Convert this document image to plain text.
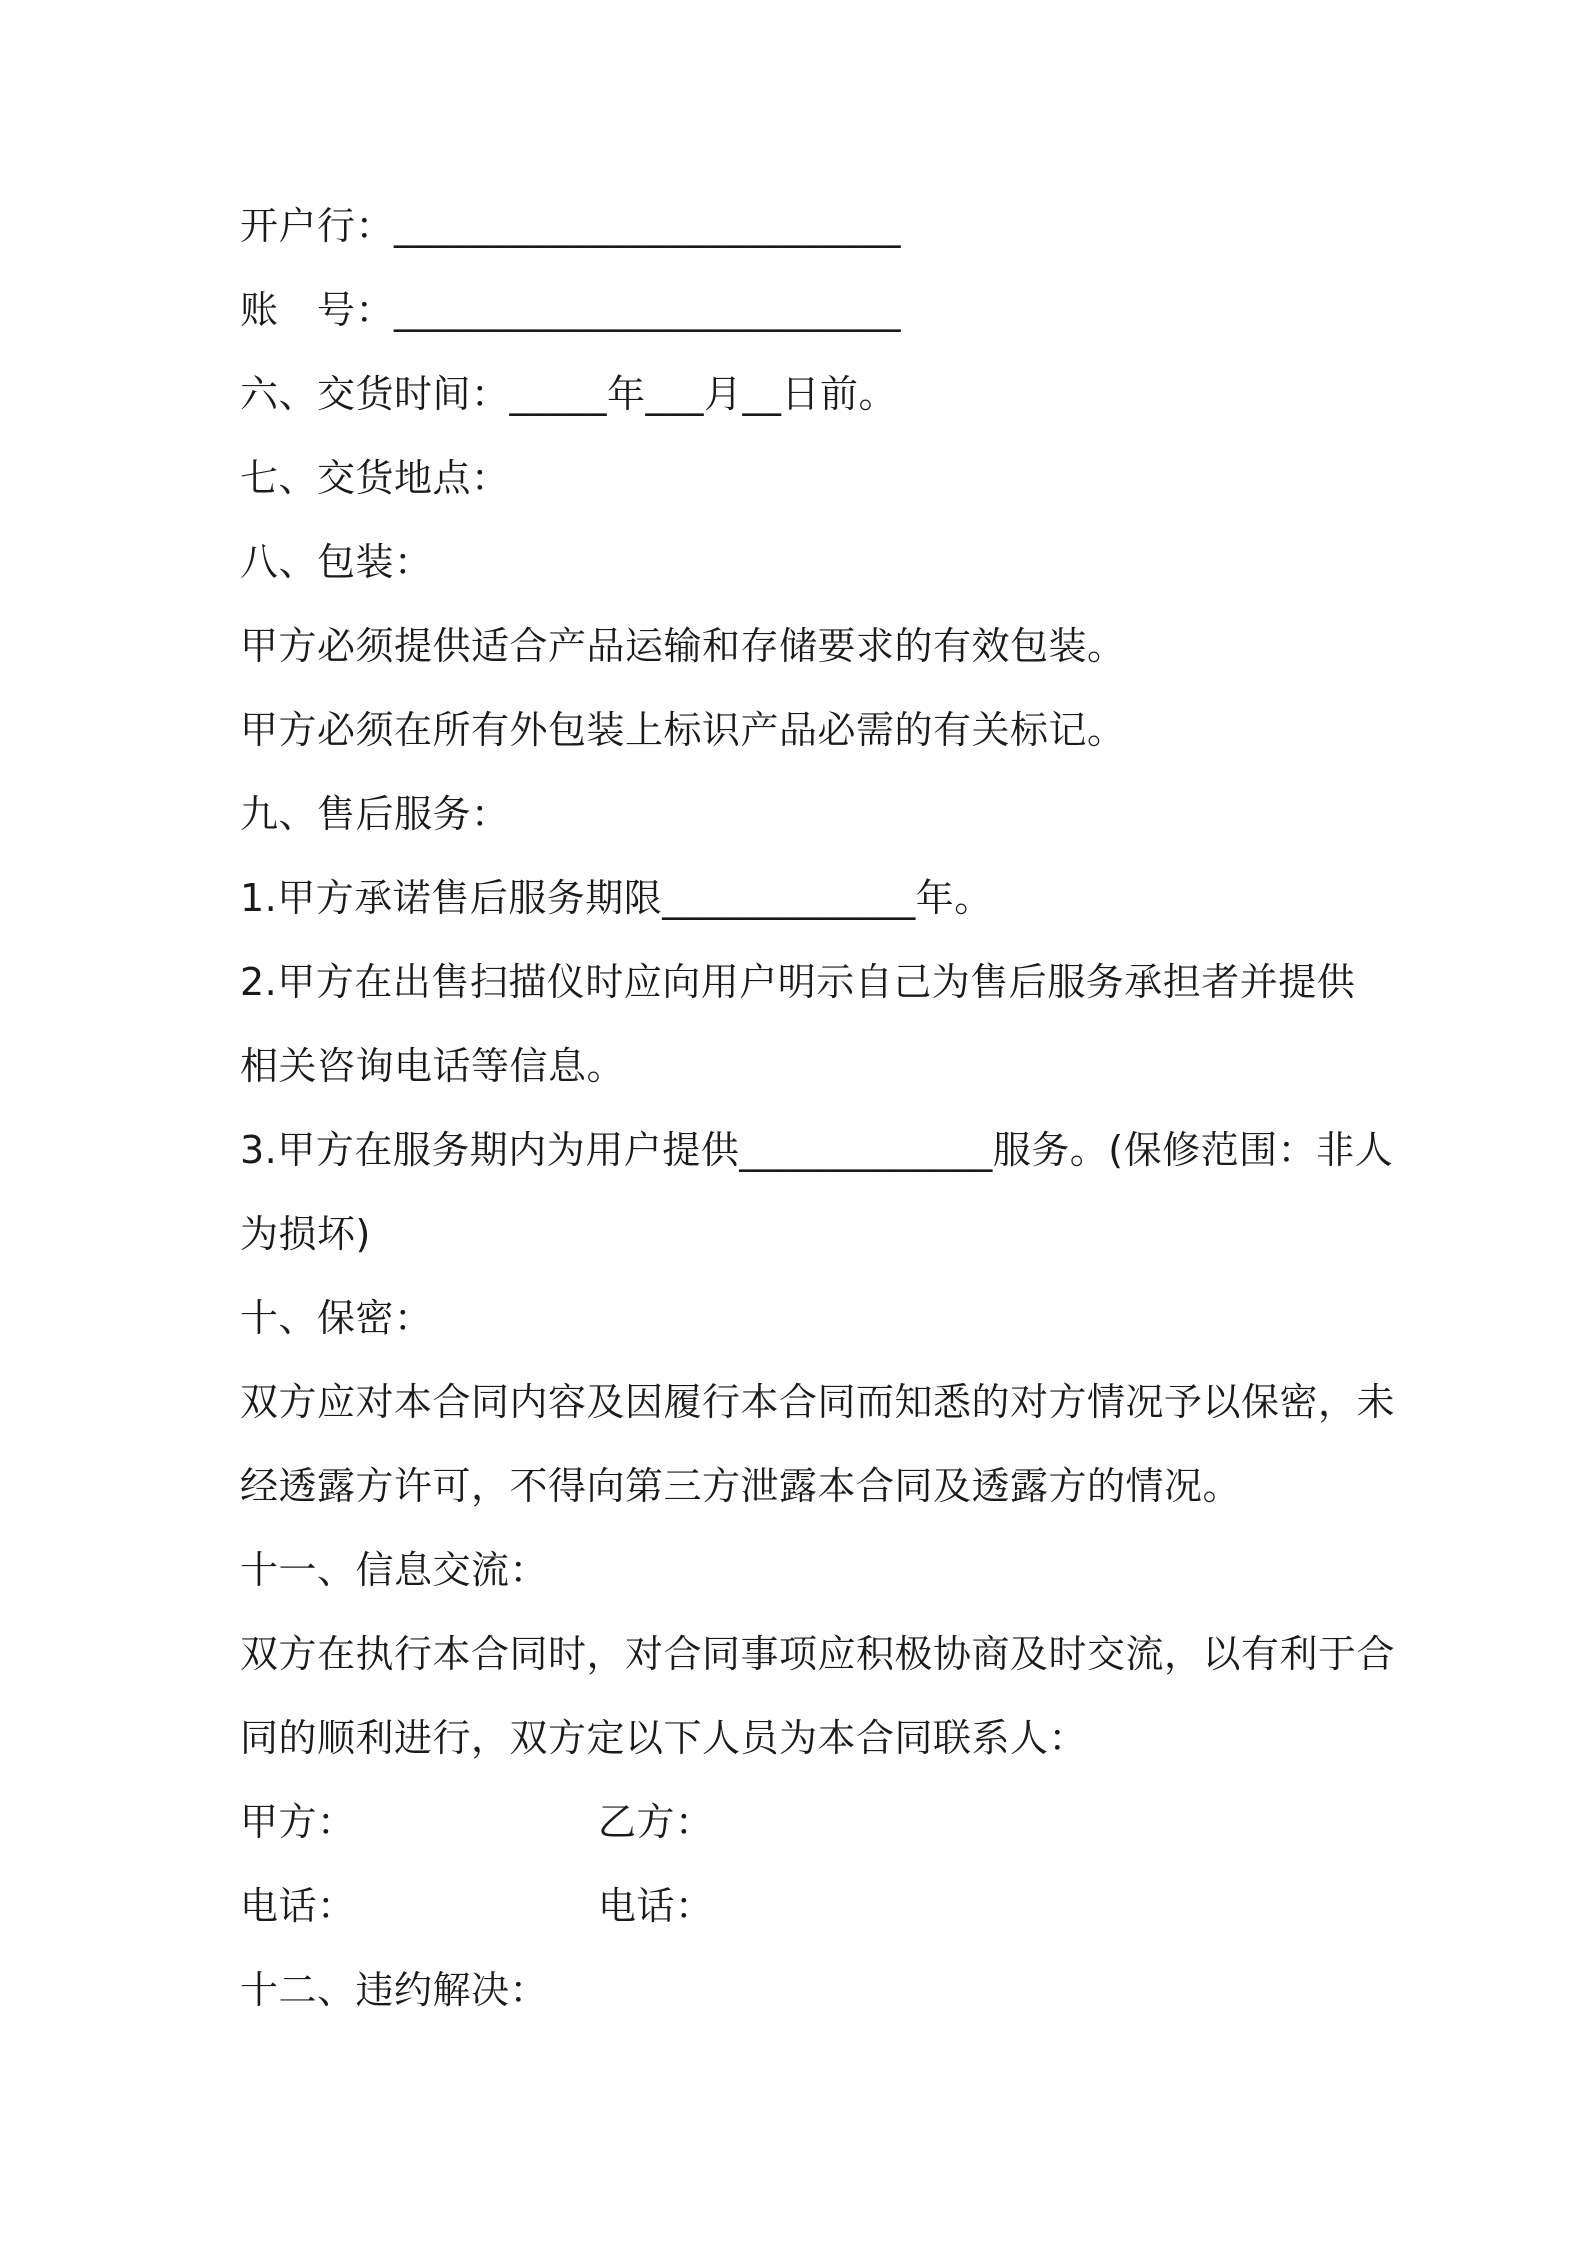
开户行：__________________________
账　号：__________________________
六、交货时间：_____年___月__日前。
七、交货地点：
八、包装：
甲方必须提供适合产品运输和存储要求的有效包装。
甲方必须在所有外包装上标识产品必需的有关标记。
九、售后服务：
1.甲方承诺售后服务期限_____________年。
2.甲方在出售扫描仪时应向用户明示自己为售后服务承担者并提供
相关咨询电话等信息。
3.甲方在服务期内为用户提供_____________服务。(保修范围：非人
为损坏)
十、保密：
双方应对本合同内容及因履行本合同而知悉的对方情况予以保密，未
经透露方许可，不得向第三方泄露本合同及透露方的情况。
十一、信息交流：
双方在执行本合同时，对合同事项应积极协商及时交流，以有利于合
同的顺利进行，双方定以下人员为本合同联系人：
甲方：	乙方：
电话：	电话：
十二、违约解决：
